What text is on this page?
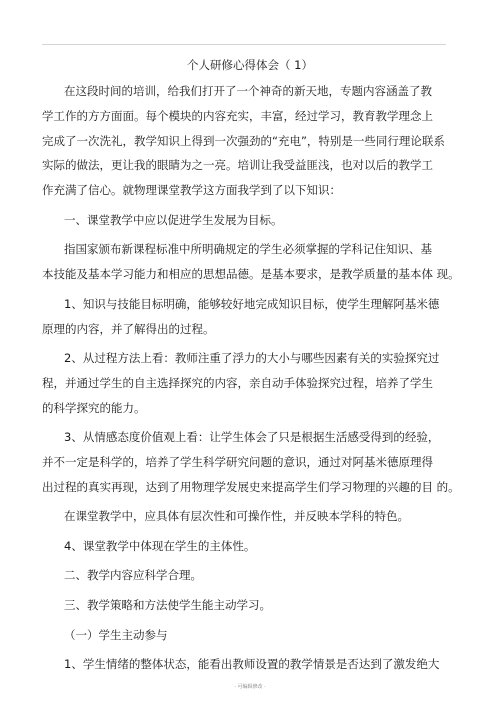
个人研修心得体会（ 1）
在这段时间的培训，给我们打开了一个神奇的新天地，专题内容涵盖了教
学工作的方方面面。每个模块的内容充实，丰富，经过学习，教育教学理念上
完成了一次洗礼，教学知识上得到一次强劲的“充电”，特别是一些同行理论联系
实际的做法，更让我的眼睛为之一亮。培训让我受益匪浅，也对以后的教学工
作充满了信心。就物理课堂教学这方面我学到了以下知识：
一、课堂教学中应以促进学生发展为目标。
指国家颁布新课程标准中所明确规定的学生必须掌握的学科记住知识、基
本技能及基本学习能力和相应的思想品德。是基本要求，是教学质量的基本体 现。
1、知识与技能目标明确，能够较好地完成知识目标，使学生理解阿基米德
原理的内容，并了解得出的过程。
2、从过程方法上看：教师注重了浮力的大小与哪些因素有关的实验探究过
程，并通过学生的自主选择探究的内容，亲自动手体验探究过程，培养了学生
的科学探究的能力。
3、从情感态度价值观上看：让学生体会了只是根据生活感受得到的经验，
并不一定是科学的，培养了学生科学研究问题的意识，通过对阿基米德原理得
出过程的真实再现，达到了用物理学发展史来提高学生们学习物理的兴趣的目 的。
在课堂教学中，应具体有层次性和可操作性，并反映本学科的特色。
4、课堂教学中体现在学生的主体性。
二、教学内容应科学合理。
三、教学策略和方法使学生能主动学习。
（一）学生主动参与
1、学生情绪的整体状态，能看出教师设置的教学情景是否达到了激发绝大
· 可编辑修改 ·
